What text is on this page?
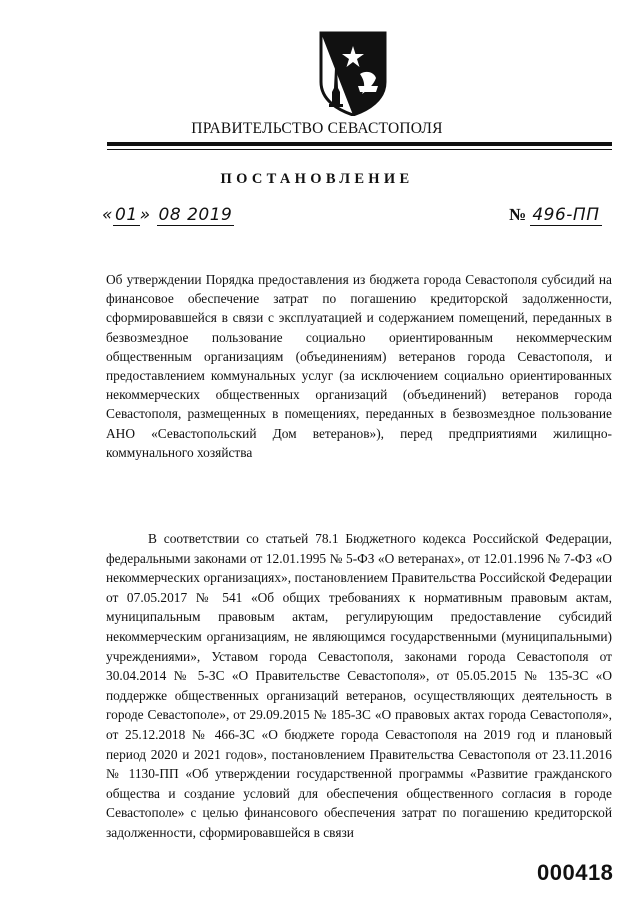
ПРАВИТЕЛЬСТВО СЕВАСТОПОЛЯ
ПОСТАНОВЛЕНИЕ
« 01 » 08 2019	№ 496-ПП
Об утверждении Порядка предоставления из бюджета города Севастополя субсидий на финансовое обеспечение затрат по погашению кредиторской задолженности, сформировавшейся в связи с эксплуатацией и содержанием помещений, переданных в безвозмездное пользование социально ориентированным некоммерческим общественным организациям (объединениям) ветеранов города Севастополя, и предоставлением коммунальных услуг (за исключением социально ориентированных некоммерческих общественных организаций (объединений) ветеранов города Севастополя, размещенных в помещениях, переданных в безвозмездное пользование АНО «Севастопольский Дом ветеранов»), перед предприятиями жилищно-коммунального хозяйства
В соответствии со статьей 78.1 Бюджетного кодекса Российской Федерации, федеральными законами от 12.01.1995 № 5-ФЗ «О ветеранах», от 12.01.1996 № 7-ФЗ «О некоммерческих организациях», постановлением Правительства Российской Федерации от 07.05.2017 № 541 «Об общих требованиях к нормативным правовым актам, муниципальным правовым актам, регулирующим предоставление субсидий некоммерческим организациям, не являющимся государственными (муниципальными) учреждениями», Уставом города Севастополя, законами города Севастополя от 30.04.2014 № 5-ЗС «О Правительстве Севастополя», от 05.05.2015 № 135-ЗС «О поддержке общественных организаций ветеранов, осуществляющих деятельность в городе Севастополе», от 29.09.2015 № 185-ЗС «О правовых актах города Севастополя», от 25.12.2018 № 466-ЗС «О бюджете города Севастополя на 2019 год и плановый период 2020 и 2021 годов», постановлением Правительства Севастополя от 23.11.2016 № 1130-ПП «Об утверждении государственной программы «Развитие гражданского общества и создание условий для обеспечения общественного согласия в городе Севастополе» с целью финансового обеспечения затрат по погашению кредиторской задолженности, сформировавшейся в связи
000418
